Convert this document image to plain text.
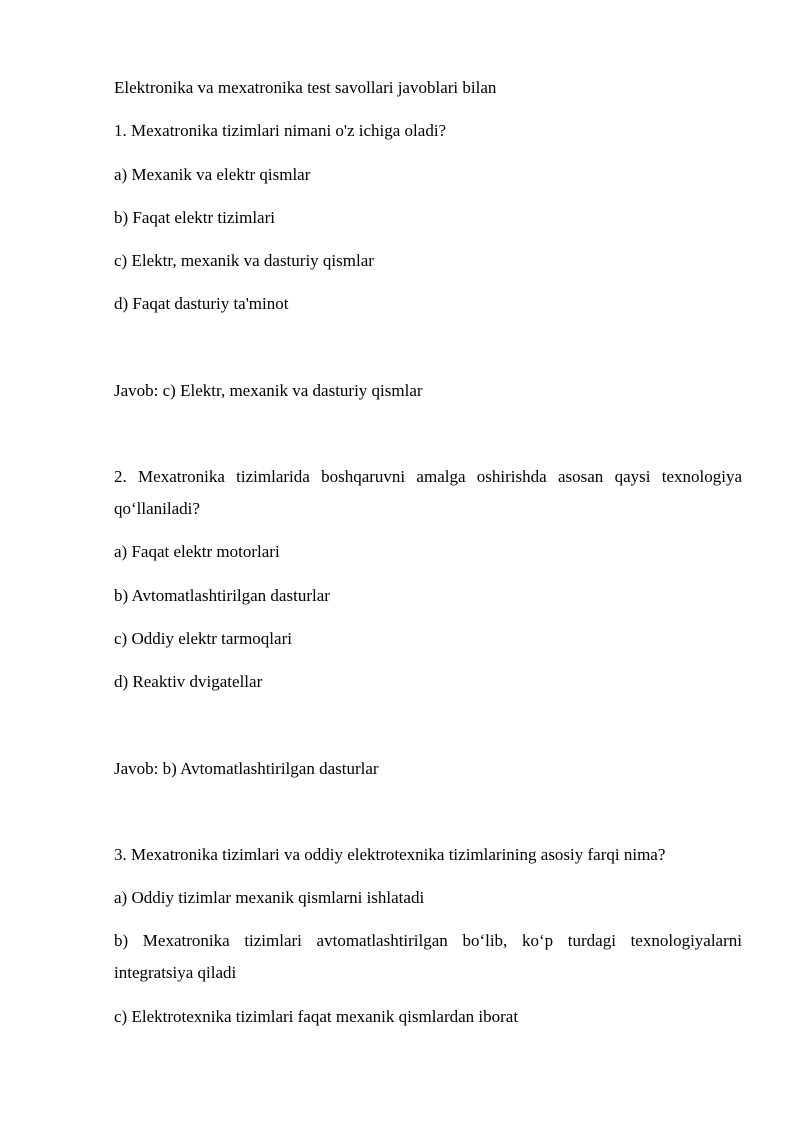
Elektronika va mexatronika test savollari javoblari bilan
1. Mexatronika tizimlari nimani o'z ichiga oladi?
a) Mexanik va elektr qismlar
b) Faqat elektr tizimlari
c) Elektr, mexanik va dasturiy qismlar
d) Faqat dasturiy ta'minot
Javob: c) Elektr, mexanik va dasturiy qismlar
2. Mexatronika tizimlarida boshqaruvni amalga oshirishda asosan qaysi texnologiya
qo‘llaniladi?
a) Faqat elektr motorlari
b) Avtomatlashtirilgan dasturlar
c) Oddiy elektr tarmoqlari
d) Reaktiv dvigatellar
Javob: b) Avtomatlashtirilgan dasturlar
3. Mexatronika tizimlari va oddiy elektrotexnika tizimlarining asosiy farqi nima?
a) Oddiy tizimlar mexanik qismlarni ishlatadi
b) Mexatronika tizimlari avtomatlashtirilgan bo‘lib, ko‘p turdagi texnologiyalarni
integratsiya qiladi
c) Elektrotexnika tizimlari faqat mexanik qismlardan iborat
